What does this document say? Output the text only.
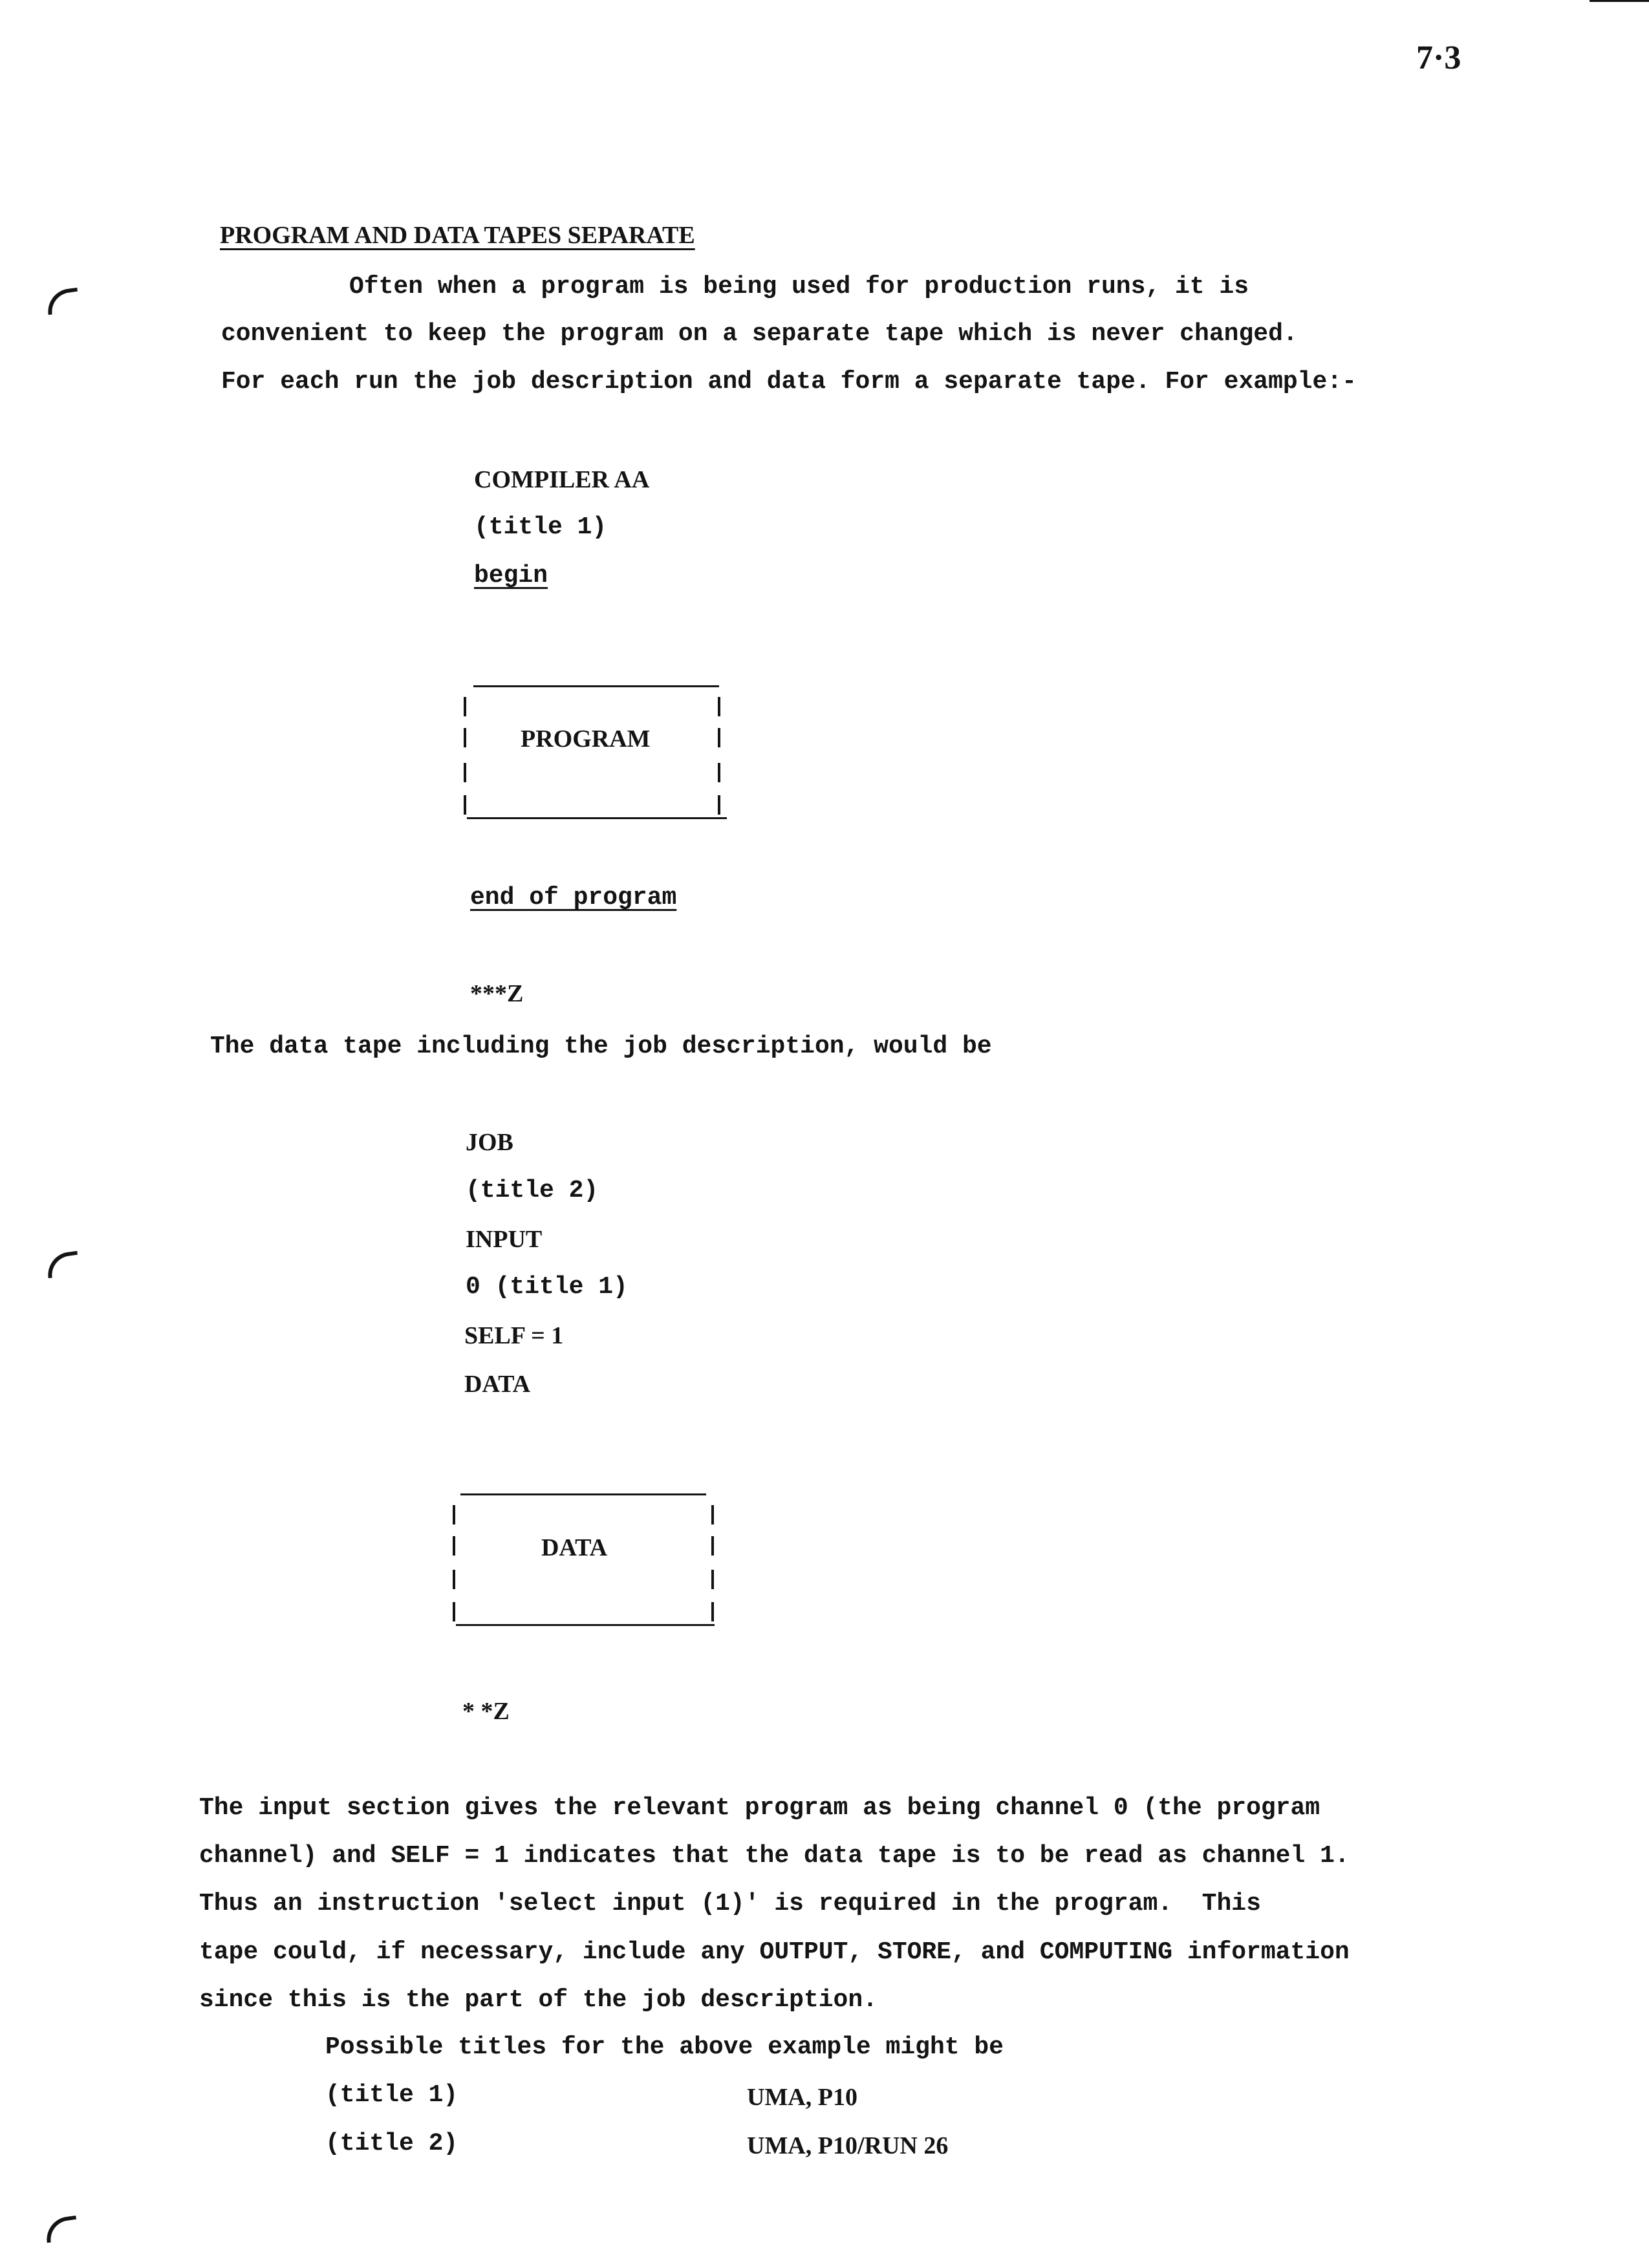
7·3
PROGRAM AND DATA TAPES SEPARATE
Often when a program is being used for production runs, it is
convenient to keep the program on a separate tape which is never changed.
For each run the job description and data form a separate tape. For example:-
COMPILER AA
(title 1)
begin
PROGRAM
end of program
***Z
The data tape including the job description, would be
JOB
(title 2)
INPUT
0 (title 1)
SELF = 1
DATA
DATA
* *Z
The input section gives the relevant program as being channel 0 (the program
channel) and SELF = 1 indicates that the data tape is to be read as channel 1.
Thus an instruction 'select input (1)' is required in the program.  This
tape could, if necessary, include any OUTPUT, STORE, and COMPUTING information
since this is the part of the job description.
Possible titles for the above example might be
(title 1)	UMA, P10
(title 2)	UMA, P10/RUN 26
